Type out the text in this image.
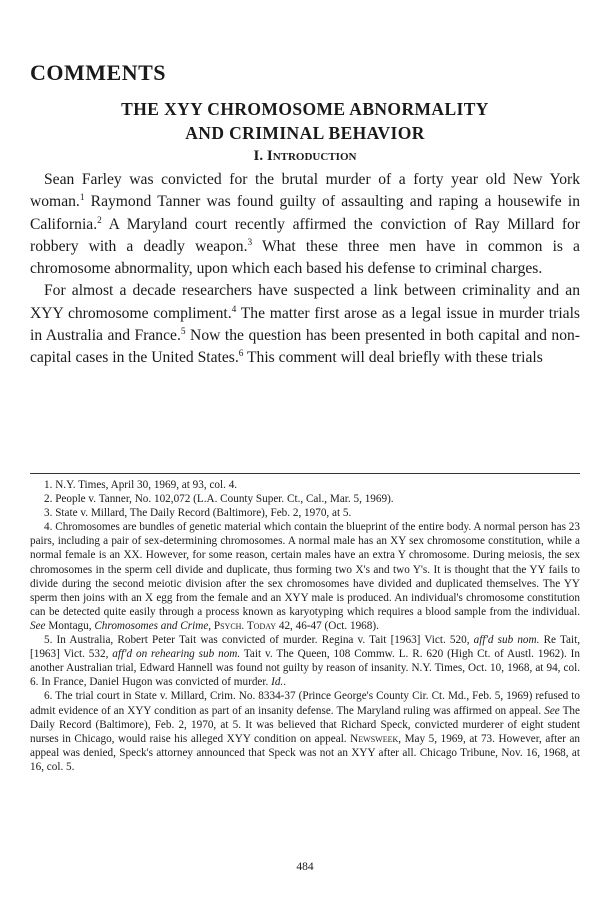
COMMENTS
THE XYY CHROMOSOME ABNORMALITY
AND CRIMINAL BEHAVIOR
I. Introduction

Sean Farley was convicted for the brutal murder of a forty year old New York woman.$^1$ Raymond Tanner was found guilty of assaulting and raping a housewife in California.$^2$ A Maryland court recently affirmed the conviction of Ray Millard for robbery with a deadly weapon.$^3$ What these three men have in common is a chromosome abnormality, upon which each based his defense to criminal charges.

For almost a decade researchers have suspected a link between criminality and an XYY chromosome compliment.$^4$ The matter first arose as a legal issue in murder trials in Australia and France.$^5$ Now the question has been presented in both capital and non-capital cases in the United States.$^6$ This comment will deal briefly with these trials

1. N.Y. Times, April 30, 1969, at 93, col. 4.

2. People v. Tanner, No. 102,072 (L.A. County Super. Ct., Cal., Mar. 5, 1969).

3. State v. Millard, The Daily Record (Baltimore), Feb. 2, 1970, at 5.

4. Chromosomes are bundles of genetic material which contain the blueprint of the entire body. A normal person has 23 pairs, including a pair of sex-determining chromosomes. A normal male has an XY sex chromosome constitution, while a normal female is an XX. However, for some reason, certain males have an extra Y chromosome. During meiosis, the sex chromosomes in the sperm cell divide and duplicate, thus forming two X's and two Y's. It is thought that the YY fails to divide during the second meiotic division after the sex chromosomes have divided and duplicated themselves. The YY sperm then joins with an X egg from the female and an XYY male is produced. An individual's chromosome constitution can be detected quite easily through a process known as karyotyping which requires a blood sample from the individual. See Montagu, Chromosomes and Crime, Psych. Today 42, 46-47 (Oct. 1968).

5. In Australia, Robert Peter Tait was convicted of murder. Regina v. Tait [1963] Vict. 520, aff'd sub nom. Re Tait, [1963] Vict. 532, aff'd on rehearing sub nom. Tait v. The Queen, 108 Commw. L. R. 620 (High Ct. of Austl. 1962). In another Australian trial, Edward Hannell was found not guilty by reason of insanity. N.Y. Times, Oct. 10, 1968, at 94, col. 6. In France, Daniel Hugon was convicted of murder. Id..

6. The trial court in State v. Millard, Crim. No. 8334-37 (Prince George's County Cir. Ct. Md., Feb. 5, 1969) refused to admit evidence of an XYY condition as part of an insanity defense. The Maryland ruling was affirmed on appeal. See The Daily Record (Baltimore), Feb. 2, 1970, at 5. It was believed that Richard Speck, convicted murderer of eight student nurses in Chicago, would raise his alleged XYY condition on appeal. Newsweek, May 5, 1969, at 73. However, after an appeal was denied, Speck's attorney announced that Speck was not an XYY after all. Chicago Tribune, Nov. 16, 1968, at 16, col. 5.

484
